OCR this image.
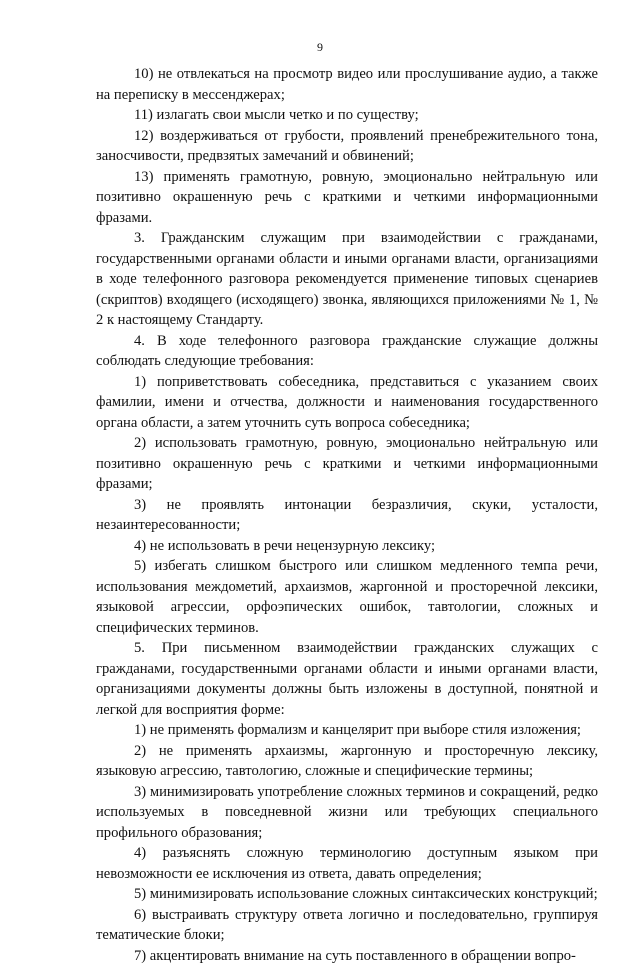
9

10) не отвлекаться на просмотр видео или прослушивание аудио, а также на переписку в мессенджерах;

11) излагать свои мысли четко и по существу;

12) воздерживаться от грубости, проявлений пренебрежительного тона, заносчивости, предвзятых замечаний и обвинений;

13) применять грамотную, ровную, эмоционально нейтральную или позитивно окрашенную речь с краткими и четкими информационными фразами.

3. Гражданским служащим при взаимодействии с гражданами, государственными органами области и иными органами власти, организациями в ходе телефонного разговора рекомендуется применение типовых сценариев (скриптов) входящего (исходящего) звонка, являющихся приложениями № 1, № 2 к настоящему Стандарту.

4. В ходе телефонного разговора гражданские служащие должны соблюдать следующие требования:

1) поприветствовать собеседника, представиться с указанием своих фамилии, имени и отчества, должности и наименования государственного органа области, а затем уточнить суть вопроса собеседника;

2) использовать грамотную, ровную, эмоционально нейтральную или позитивно окрашенную речь с краткими и четкими информационными фразами;

3) не проявлять интонации безразличия, скуки, усталости, незаинтересованности;

4) не использовать в речи нецензурную лексику;

5) избегать слишком быстрого или слишком медленного темпа речи, использования междометий, архаизмов, жаргонной и просторечной лексики, языковой агрессии, орфоэпических ошибок, тавтологии, сложных и специфических терминов.

5. При письменном взаимодействии гражданских служащих с гражданами, государственными органами области и иными органами власти, организациями документы должны быть изложены в доступной, понятной и легкой для восприятия форме:

1) не применять формализм и канцелярит при выборе стиля изложения;

2) не применять архаизмы, жаргонную и просторечную лексику, языковую агрессию, тавтологию, сложные и специфические термины;

3) минимизировать употребление сложных терминов и сокращений, редко используемых в повседневной жизни или требующих специального профильного образования;

4) разъяснять сложную терминологию доступным языком при невозможности ее исключения из ответа, давать определения;

5) минимизировать использование сложных синтаксических конструкций;

6) выстраивать структуру ответа логично и последовательно, группируя тематические блоки;

7) акцентировать внимание на суть поставленного в обращении вопро-
